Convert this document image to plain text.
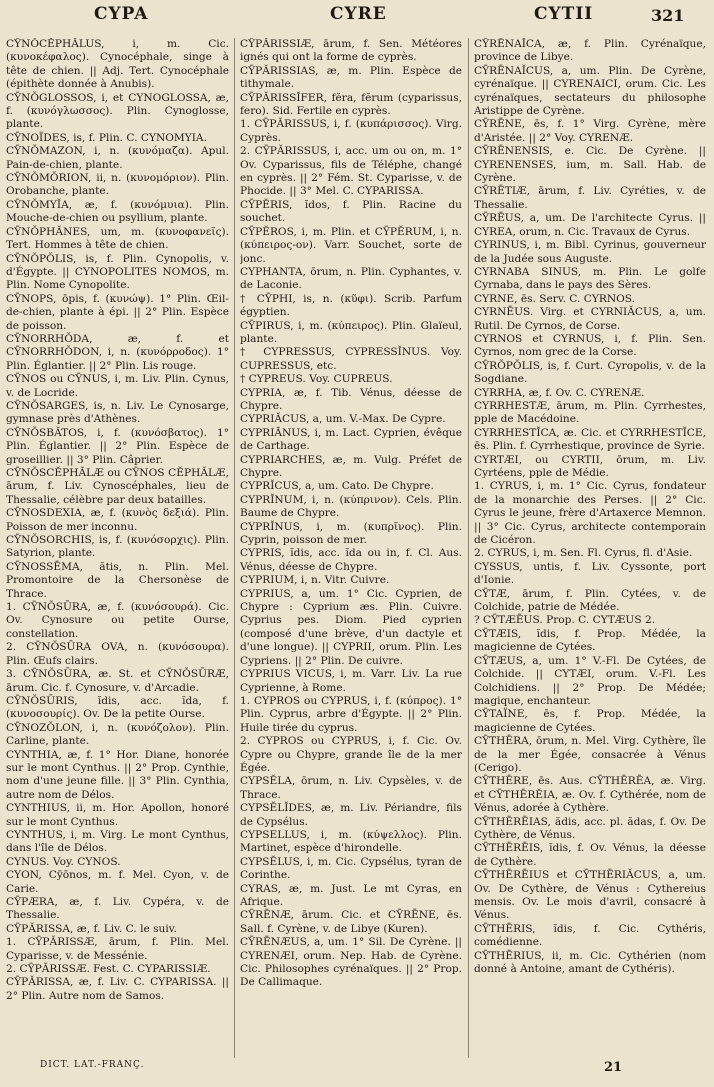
CYPA	CYRE	CYTII	321
CȲNŎCĔPHĂLUS, i, m. Cic. (κυνοκέφαλος). Cynocéphale, singe à tête de chien. || Adj. Tert. Cynocéphale (épithète donnée à Anubis).
CȲNŎGLOSSOS, i, et CYNOGLOSSA, æ, f. (κυνόγλωσσος). Plin. Cynoglosse, plante.
CȲNOÏDES, is, f. Plin. C. CYNOMYIA.
CȲNŎMAZON, i, n. (κυνόμαζα). Apul. Pain-de-chien, plante.
CȲNŎMŎRION, ii, n. (κυνομόριον). Plin. Orobanche, plante.
CȲNŎMYĬA, æ, f. (κυνόμυια). Plin. Mouche-de-chien ou psyllium, plante.
CȲNŎPHĂNES, um, m. (κυνοφανεῖς). Tert. Hommes à tête de chien.
CȲNŎPŎLIS, is, f. Plin. Cynopolis, v. d'Égypte. || CYNOPOLITES NOMOS, m. Plin. Nome Cynopolite.
CȲNOPS, ōpis, f. (κυνώψ). 1° Plin. Œil-de-chien, plante à épi. || 2° Plin. Espèce de poisson.
CȲNORRHŎDA, æ, f. et CȲNORRHŎDON, i, n. (κυνόρροδος). 1° Plin. Églantier. || 2° Plin. Lis rouge.
CȲNOS ou CȲNUS, i, m. Liv. Plin. Cynus, v. de Locride.
CȲNŎSARGES, is, n. Liv. Le Cynosarge, gymnase près d'Athènes.
CȲNŎSBĂTOS, i, f. (κυνόσβατος). 1° Plin. Églantier. || 2° Plin. Espèce de groseillier. || 3° Plin. Câprier.
CȲNŎSCĔPHĂLÆ ou CȲNOS CĔPHĂLÆ, ārum, f. Liv. Cynoscéphales, lieu de Thessalie, célèbre par deux batailles.
CȲNOSDEXIA, æ, f. (κυνὸς δεξιά). Plin. Poisson de mer inconnu.
CȲNŎSORCHIS, is, f. (κυνόσορχις). Plin. Satyrion, plante.
CȲNOSSĒMA, ătis, n. Plin. Mel. Promontoire de la Chersonèse de Thrace.
1. CȲNŎSŪRA, æ, f. (κυνόσουρά). Cic. Ov. Cynosure ou petite Ourse, constellation.
2. CȲNŎSŪRA OVA, n. (κυνόσουρα). Plin. Œufs clairs.
3. CȲNŎSŪRA, æ. St. et CȲNŎSŪRÆ, ārum. Cic. f. Cynosure, v. d'Arcadie.
CȲNŎSŪRIS, ĭdis, acc. ĭda, f. (κυνοσουρίς). Ov. De la petite Ourse.
CȲNOZŎLON, i, n. (κυνόζολον). Plin. Carline, plante.
CYNTHIA, æ, f. 1° Hor. Diane, honorée sur le mont Cynthus. || 2° Prop. Cynthie, nom d'une jeune fille. || 3° Plin. Cynthia, autre nom de Délos.
CYNTHIUS, ii, m. Hor. Apollon, honoré sur le mont Cynthus.
CYNTHUS, i, m. Virg. Le mont Cynthus, dans l'île de Délos.
CYNUS. Voy. CYNOS.
CYON, Cȳōnos, m. f. Mel. Cyon, v. de Carie.
CȲPÆRA, æ, f. Liv. Cypéra, v. de Thessalie.
CȲPĂRISSA, æ, f. Liv. C. le suiv.
1. CȲPĂRISSÆ, ārum, f. Plin. Mel. Cyparisse, v. de Messénie.
2. CȲPĂRISSÆ. Fest. C. CYPARISSIÆ.
CȲPĂRISSA, æ, f. Liv. C. CYPARISSA. || 2° Plin. Autre nom de Samos.
CȲPĂRISSIÆ, ārum, f. Sen. Météores ignés qui ont la forme de cyprès.
CȲPĂRISSIAS, æ, m. Plin. Espèce de tithymale.
CȲPĂRISSĬFER, fĕra, fĕrum (cyparissus, fero). Sid. Fertile en cyprès.
1. CȲPĂRISSUS, i, f. (κυπάρισσος). Virg. Cyprès.
2. CȲPĂRISSUS, i, acc. um ou on, m. 1° Ov. Cyparissus, fils de Téléphe, changé en cyprès. || 2° Fém. St. Cyparisse, v. de Phocide. || 3° Mel. C. CYPARISSA.
CȲPĔRIS, ĭdos, f. Plin. Racine du souchet.
CȲPĔROS, i, m. Plin. et CȲPĔRUM, i, n. (κύπειρος-ον). Varr. Souchet, sorte de jonc.
CYPHANTA, ōrum, n. Plin. Cyphantes, v. de Laconie.
† CȲPHI, is, n. (κῦφι). Scrib. Parfum égyptien.
CȲPIRUS, i, m. (κύπειρος). Plin. Glaïeul, plante.
† CYPRESSUS, CYPRESSĬNUS. Voy. CUPRESSUS, etc.
† CYPREUS. Voy. CUPREUS.
CYPRIA, æ, f. Tib. Vénus, déesse de Chypre.
CYPRIĂCUS, a, um. V.-Max. De Cypre.
CYPRIĀNUS, i, m. Lact. Cyprien, évêque de Carthage.
CYPRIARCHES, æ, m. Vulg. Préfet de Chypre.
CYPRĬCUS, a, um. Cato. De Chypre.
CYPRĬNUM, i, n. (κύπρινον). Cels. Plin. Baume de Chypre.
CYPRĬNUS, i, m. (κυπρῖνος). Plin. Cyprin, poisson de mer.
CYPRIS, ĭdis, acc. ĭda ou in, f. Cl. Aus. Vénus, déesse de Chypre.
CYPRIUM, i, n. Vitr. Cuivre.
CYPRIUS, a, um. 1° Cic. Cyprien, de Chypre : Cyprium æs. Plin. Cuivre. Cyprius pes. Diom. Pied cyprien (composé d'une brève, d'un dactyle et d'une longue). || CYPRII, orum. Plin. Les Cypriens. || 2° Plin. De cuivre.
CYPRIUS VICUS, i, m. Varr. Liv. La rue Cyprienne, à Rome.
1. CYPROS ou CYPRUS, i, f. (κύπρος). 1° Plin. Cyprus, arbre d'Égypte. || 2° Plin. Huile tirée du cyprus.
2. CYPROS ou CYPRUS, i, f. Cic. Ov. Cypre ou Chypre, grande île de la mer Égée.
CYPSĔLA, ōrum, n. Liv. Cypsèles, v. de Thrace.
CYPSĔLĬDES, æ, m. Liv. Périandre, fils de Cypsélus.
CYPSELLUS, i, m. (κύψελλος). Plin. Martinet, espèce d'hirondelle.
CYPSĔLUS, i, m. Cic. Cypsélus, tyran de Corinthe.
CYRAS, æ, m. Just. Le mt Cyras, en Afrique.
CȲRĒNÆ, ārum. Cic. et CȲRĒNE, ēs. Sall. f. Cyrène, v. de Libye (Kuren).
CȲRĒNÆUS, a, um. 1° Sil. De Cyrène. || CYRENÆI, orum. Nep. Hab. de Cyrène. Cic. Philosophes cyrénaïques. || 2° Prop. De Callimaque.
CȲRĒNAĬCA, æ, f. Plin. Cyrénaïque, province de Libye.
CȲRĒNAĬCUS, a, um. Plin. De Cyrène, cyrénaïque. || CYRENAICI, orum. Cic. Les cyrénaïques, sectateurs du philosophe Aristippe de Cyrène.
CȲRĒNE, ēs, f. 1° Virg. Cyrène, mère d'Aristée. || 2° Voy. CYRENÆ.
CȲRĒNENSIS, e. Cic. De Cyrène. || CYRENENSES, ium, m. Sall. Hab. de Cyrène.
CȲRĒTIÆ, ārum, f. Liv. Cyréties, v. de Thessalie.
CȲRĒUS, a, um. De l'architecte Cyrus. || CYREA, orum, n. Cic. Travaux de Cyrus.
CYRINUS, i, m. Bibl. Cyrinus, gouverneur de la Judée sous Auguste.
CYRNABA SINUS, m. Plin. Le golfe Cyrnaba, dans le pays des Sères.
CYRNE, ēs. Serv. C. CYRNOS.
CYRNĒUS. Virg. et CYRNIĂCUS, a, um. Rutil. De Cyrnos, de Corse.
CYRNOS et CYRNUS, i, f. Plin. Sen. Cyrnos, nom grec de la Corse.
CȲRŎPŎLIS, is, f. Curt. Cyropolis, v. de la Sogdiane.
CYRRHA, æ, f. Ov. C. CYRENÆ.
CYRRHESTÆ, ārum, m. Plin. Cyrrhestes, pple de Macédoine.
CYRRHESTĬCA, æ. Cic. et CYRRHESTĬCE, ēs. Plin. f. Cyrrhestique, province de Syrie.
CYRTÆI, ou CYRTII, ōrum, m. Liv. Cyrtéens, pple de Médie.
1. CYRUS, i, m. 1° Cic. Cyrus, fondateur de la monarchie des Perses. || 2° Cic. Cyrus le jeune, frère d'Artaxerce Memnon. || 3° Cic. Cyrus, architecte contemporain de Cicéron.
2. CYRUS, i, m. Sen. Fl. Cyrus, fl. d'Asie.
CYSSUS, untis, f. Liv. Cyssonte, port d'Ionie.
CȲTÆ, ārum, f. Plin. Cytées, v. de Colchide, patrie de Médée.
? CȲTÆĒUS. Prop. C. CYTÆUS 2.
CȲTÆIS, ĭdis, f. Prop. Médée, la magicienne de Cytées.
CȲTÆUS, a, um. 1° V.-Fl. De Cytées, de Colchide. || CYTÆI, orum. V.-Fl. Les Colchidiens. || 2° Prop. De Médée; magique, enchanteur.
CȲTAÏNE, ēs, f. Prop. Médée, la magicienne de Cytées.
CȲTHĒRA, ōrum, n. Mel. Virg. Cythère, île de la mer Égée, consacrée à Vénus (Cerigo).
CȲTHĒRE, ēs. Aus. CȲTHĒRĒA, æ. Virg. et CȲTHĒRĔIA, æ. Ov. f. Cythérée, nom de Vénus, adorée à Cythère.
CȲTHĒRĒIAS, ădis, acc. pl. ădas, f. Ov. De Cythère, de Vénus.
CȲTHĒRĒIS, ĭdis, f. Ov. Vénus, la déesse de Cythère.
CȲTHĒRĒIUS et CȲTHĒRIĂCUS, a, um. Ov. De Cythère, de Vénus : Cythereius mensis. Ov. Le mois d'avril, consacré à Vénus.
CȲTHĒRIS, ĭdis, f. Cic. Cythéris, comédienne.
CȲTHĒRIUS, ii, m. Cic. Cythérien (nom donné à Antoine, amant de Cythéris).
DICT. LAT.-FRANÇ.	21
